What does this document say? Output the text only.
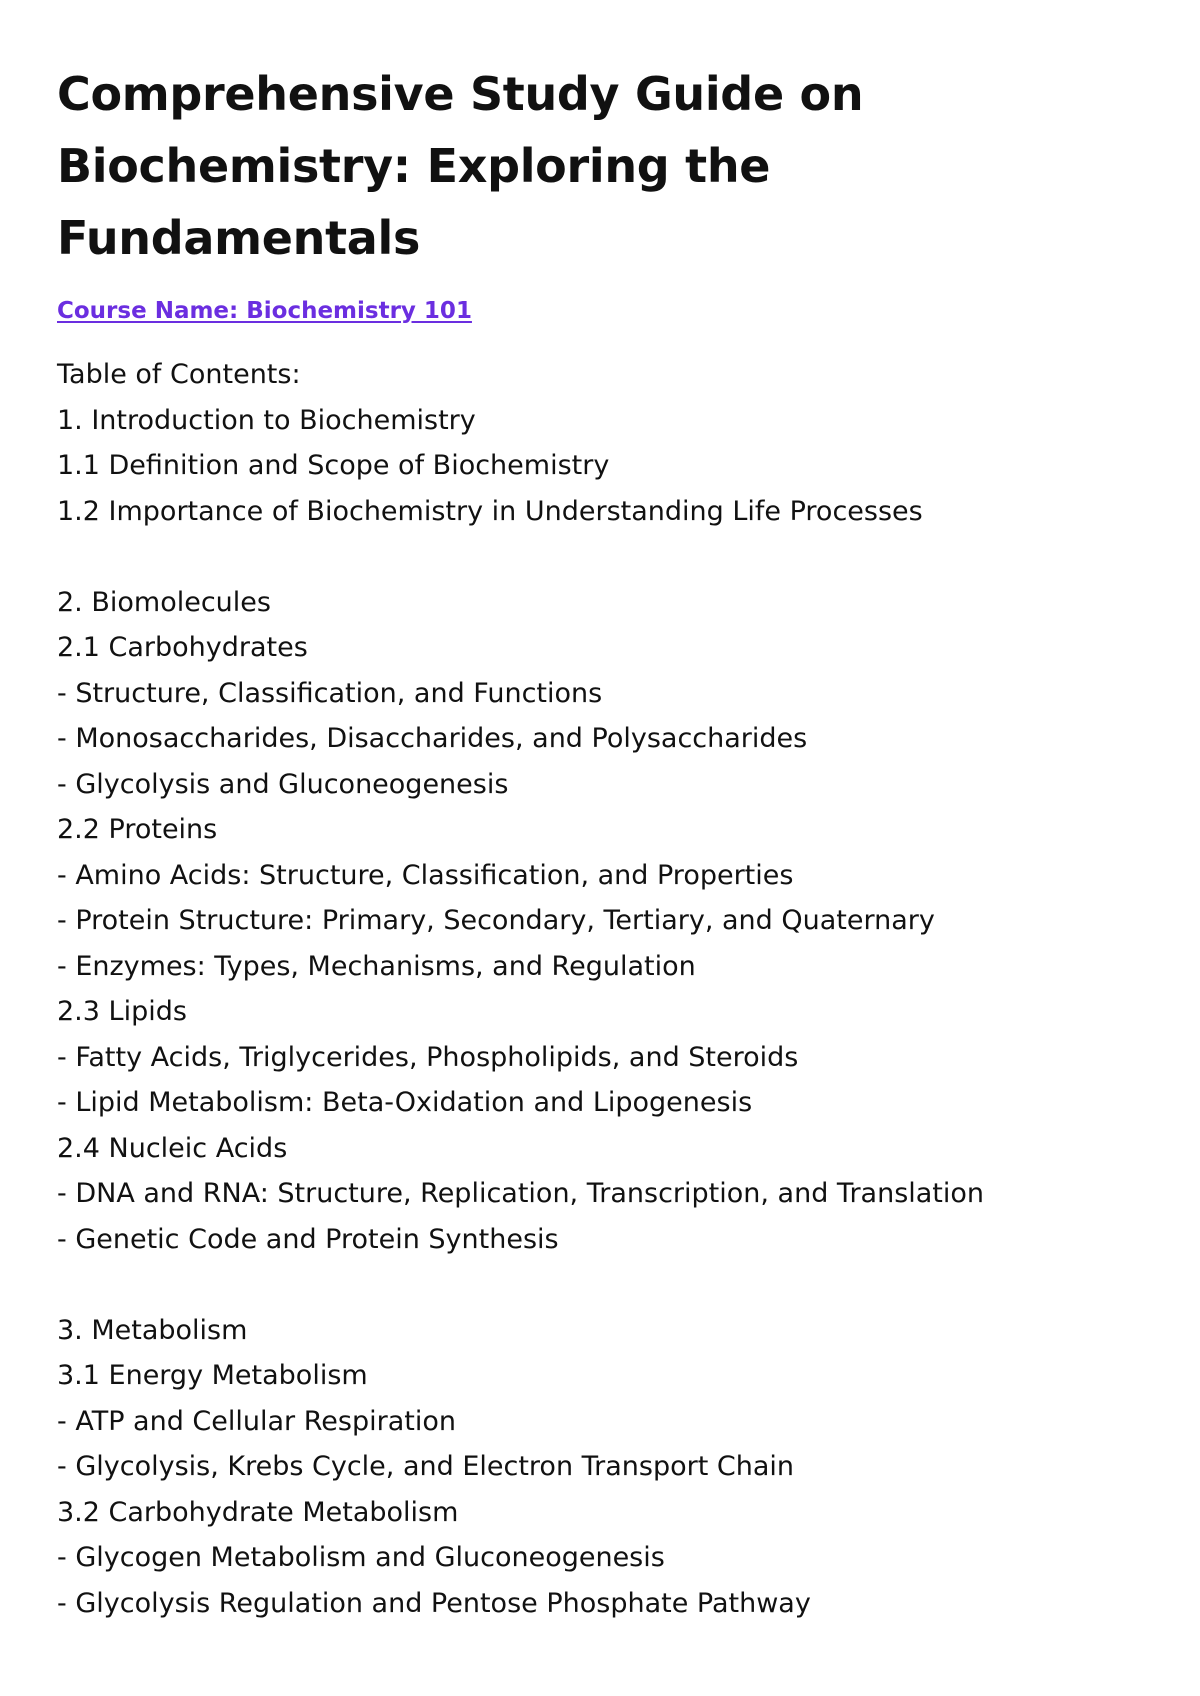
Comprehensive Study Guide on
Biochemistry: Exploring the
Fundamentals
Course Name: Biochemistry 101
Table of Contents:
1. Introduction to Biochemistry
1.1 Definition and Scope of Biochemistry
1.2 Importance of Biochemistry in Understanding Life Processes
2. Biomolecules
2.1 Carbohydrates
- Structure, Classification, and Functions
- Monosaccharides, Disaccharides, and Polysaccharides
- Glycolysis and Gluconeogenesis
2.2 Proteins
- Amino Acids: Structure, Classification, and Properties
- Protein Structure: Primary, Secondary, Tertiary, and Quaternary
- Enzymes: Types, Mechanisms, and Regulation
2.3 Lipids
- Fatty Acids, Triglycerides, Phospholipids, and Steroids
- Lipid Metabolism: Beta-Oxidation and Lipogenesis
2.4 Nucleic Acids
- DNA and RNA: Structure, Replication, Transcription, and Translation
- Genetic Code and Protein Synthesis
3. Metabolism
3.1 Energy Metabolism
- ATP and Cellular Respiration
- Glycolysis, Krebs Cycle, and Electron Transport Chain
3.2 Carbohydrate Metabolism
- Glycogen Metabolism and Gluconeogenesis
- Glycolysis Regulation and Pentose Phosphate Pathway
